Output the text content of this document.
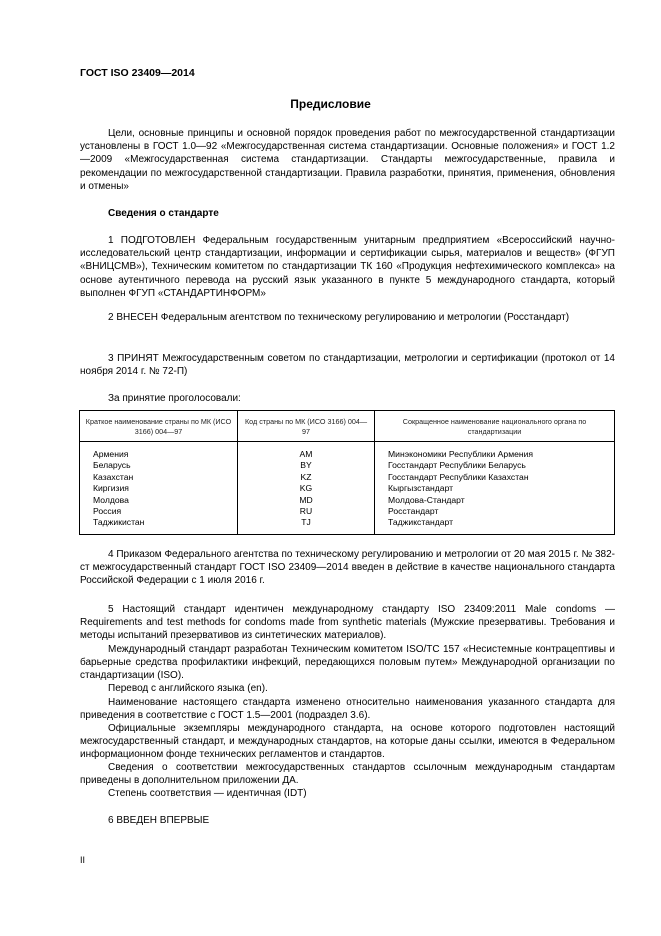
ГОСТ ISO 23409—2014
Предисловие
Цели, основные принципы и основной порядок проведения работ по межгосударственной стандартизации установлены в ГОСТ 1.0—92 «Межгосударственная система стандартизации. Основные положения» и ГОСТ 1.2—2009 «Межгосударственная система стандартизации. Стандарты межгосударственные, правила и рекомендации по межгосударственной стандартизации. Правила разработки, принятия, применения, обновления и отмены»
Сведения о стандарте
1 ПОДГОТОВЛЕН Федеральным государственным унитарным предприятием «Всероссийский научно-исследовательский центр стандартизации, информации и сертификации сырья, материалов и веществ» (ФГУП «ВНИЦСМВ»), Техническим комитетом по стандартизации ТК 160 «Продукция нефтехимического комплекса» на основе аутентичного перевода на русский язык указанного в пункте 5 международного стандарта, который выполнен ФГУП «СТАНДАРТИНФОРМ»
2 ВНЕСЕН Федеральным агентством по техническому регулированию и метрологии (Росстандарт)
3 ПРИНЯТ Межгосударственным советом по стандартизации, метрологии и сертификации (протокол от 14 ноября 2014 г. № 72-П)
За принятие проголосовали:
Краткое наименование страны по МК (ИСО 3166) 004—97	Код страны по МК (ИСО 3166) 004—97	Сокращенное наименование национального органа по стандартизации
Армения	AM	Минэкономики Республики Армения
Беларусь	BY	Госстандарт Республики Беларусь
Казахстан	KZ	Госстандарт Республики Казахстан
Киргизия	KG	Кыргызстандарт
Молдова	MD	Молдова-Стандарт
Россия	RU	Росстандарт
Таджикистан	TJ	Таджикстандарт
4 Приказом Федерального агентства по техническому регулированию и метрологии от 20 мая 2015 г. № 382-ст межгосударственный стандарт ГОСТ ISO 23409—2014 введен в действие в качестве национального стандарта Российской Федерации с 1 июля 2016 г.
5 Настоящий стандарт идентичен международному стандарту ISO 23409:2011 Male condoms — Requirements and test methods for condoms made from synthetic materials (Мужские презервативы. Требования и методы испытаний презервативов из синтетических материалов).
Международный стандарт разработан Техническим комитетом ISO/TC 157 «Несистемные контрацептивы и барьерные средства профилактики инфекций, передающихся половым путем» Международной организации по стандартизации (ISO).
Перевод с английского языка (en).
Наименование настоящего стандарта изменено относительно наименования указанного стандарта для приведения в соответствие с ГОСТ 1.5—2001 (подраздел 3.6).
Официальные экземпляры международного стандарта, на основе которого подготовлен настоящий межгосударственный стандарт, и международных стандартов, на которые даны ссылки, имеются в Федеральном информационном фонде технических регламентов и стандартов.
Сведения о соответствии межгосударственных стандартов ссылочным международным стандартам приведены в дополнительном приложении ДА.
Степень соответствия — идентичная (IDT)
6 ВВЕДЕН ВПЕРВЫЕ
II
